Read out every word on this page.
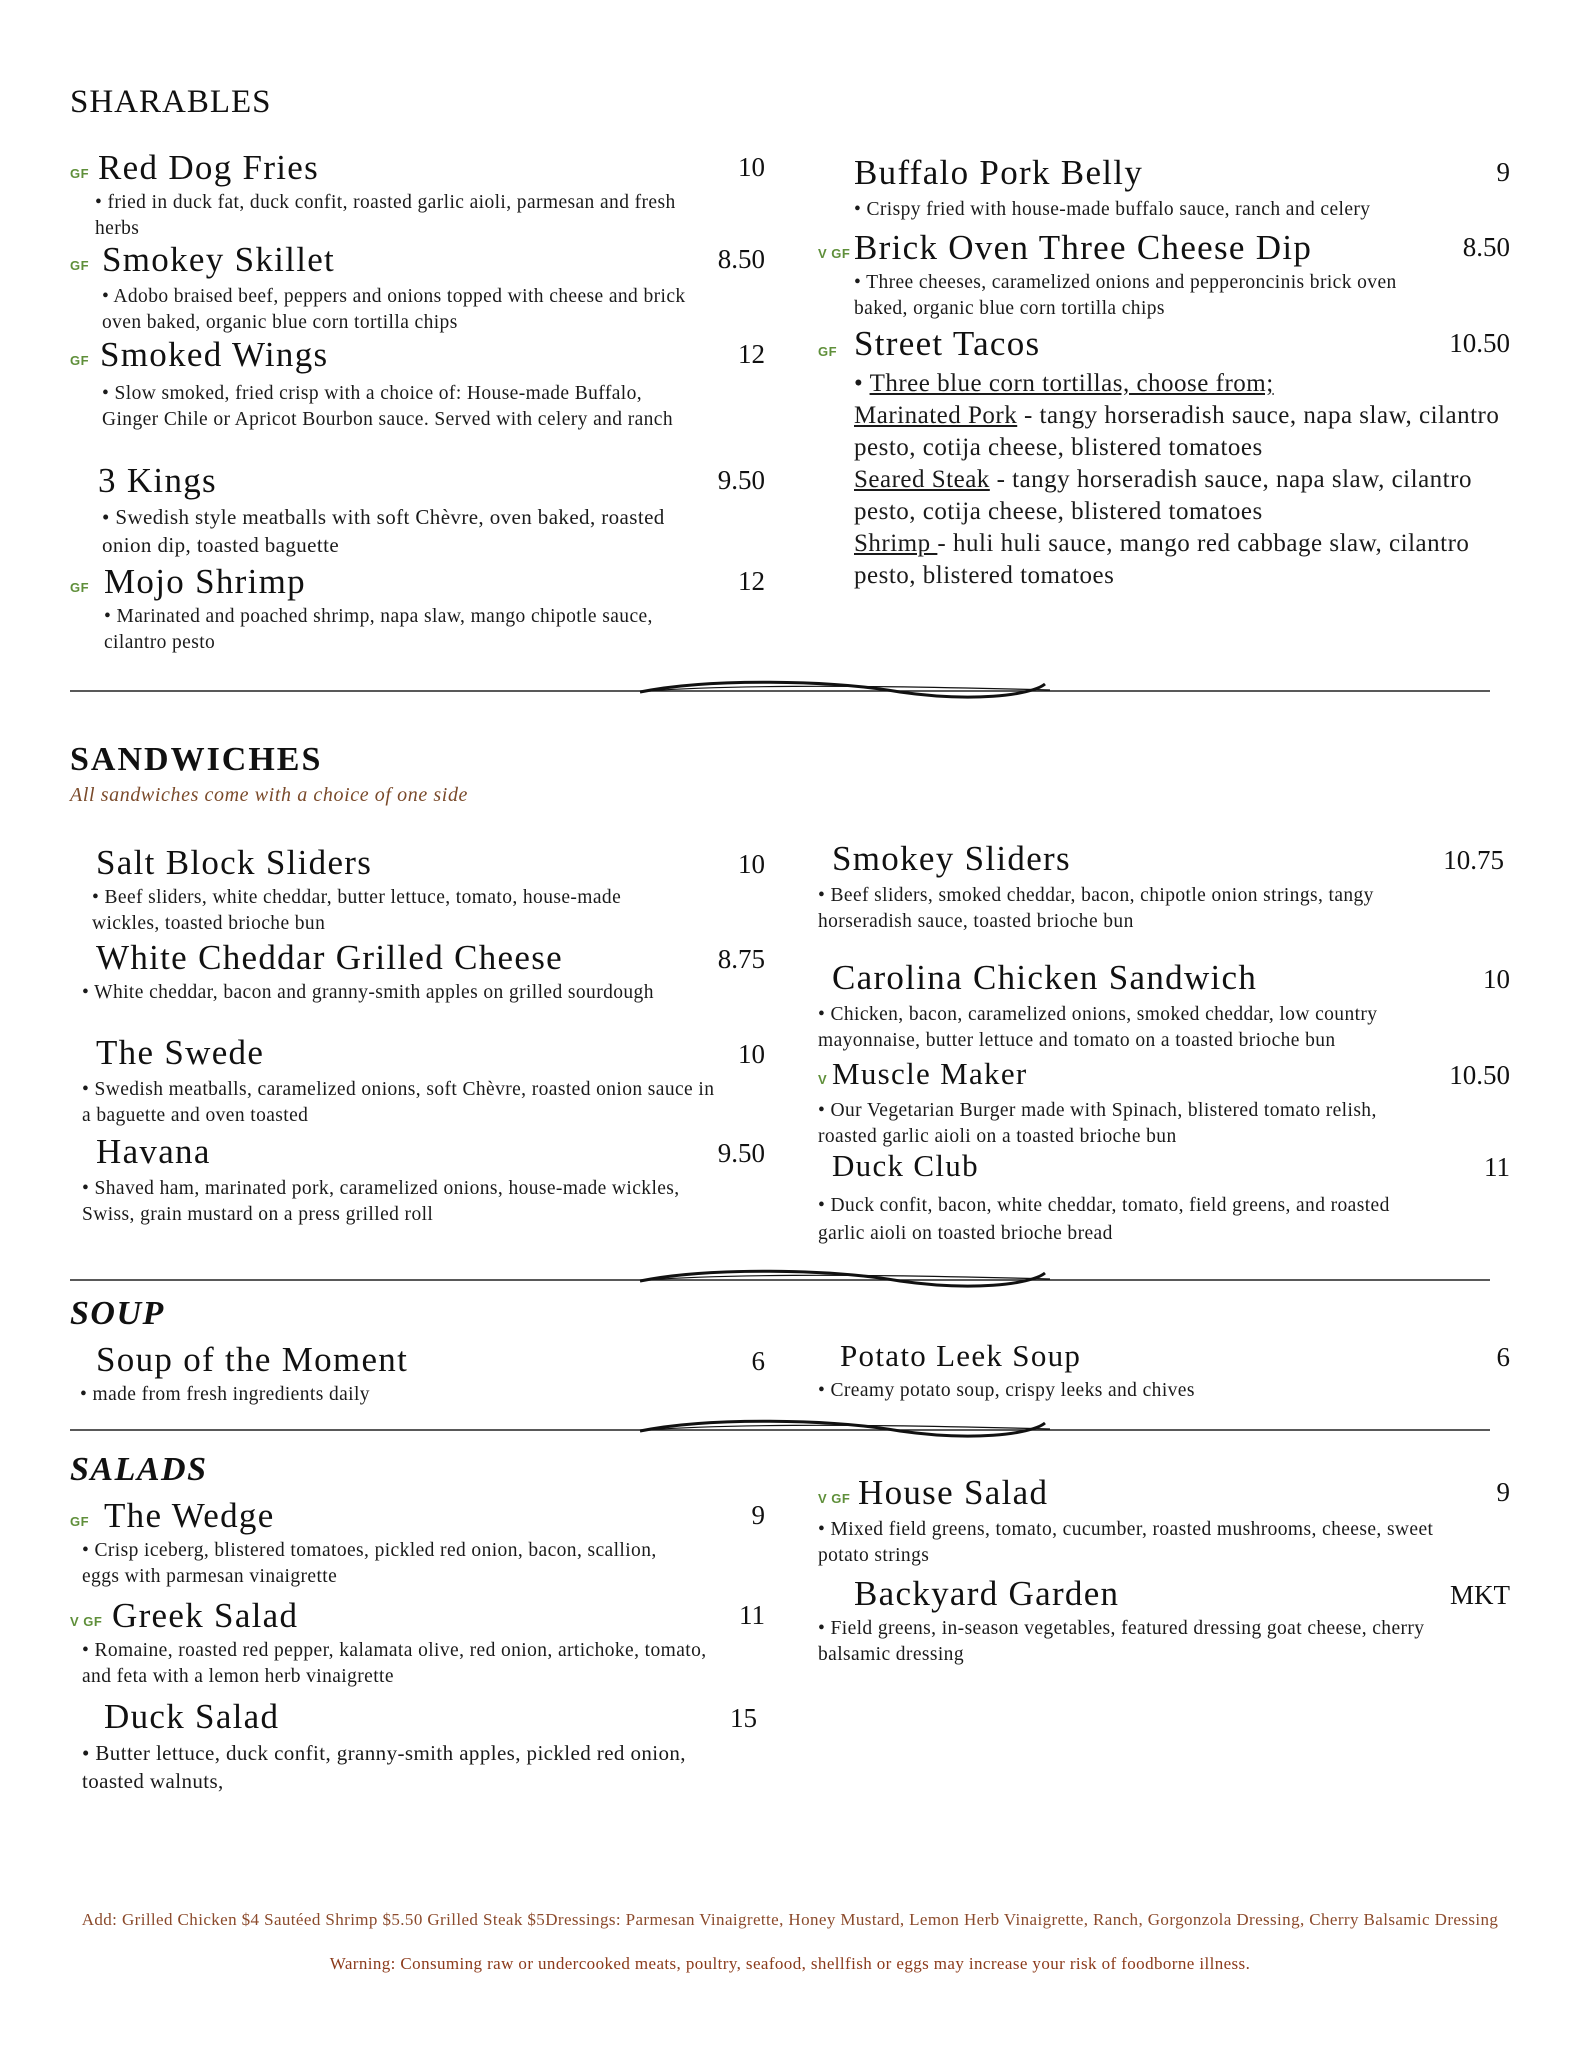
SHARABLES
GF Red Dog Fries	10
• fried in duck fat, duck confit, roasted garlic aioli, parmesan and fresh herbs
GF Smokey Skillet	8.50
• Adobo braised beef, peppers and onions topped with cheese and brick oven baked, organic blue corn tortilla chips
GF Smoked Wings	12
• Slow smoked, fried crisp with a choice of: House-made Buffalo, Ginger Chile or Apricot Bourbon sauce. Served with celery and ranch
3 Kings	9.50
• Swedish style meatballs with soft Chèvre, oven baked, roasted onion dip, toasted baguette
GF Mojo Shrimp	12
• Marinated and poached shrimp, napa slaw, mango chipotle sauce, cilantro pesto
Buffalo Pork Belly	9
• Crispy fried with house-made buffalo sauce, ranch and celery
V GF Brick Oven Three Cheese Dip	8.50
• Three cheeses, caramelized onions and pepperoncinis brick oven baked, organic blue corn tortilla chips
GF Street Tacos	10.50
• Three blue corn tortillas, choose from;
Marinated Pork - tangy horseradish sauce, napa slaw, cilantro pesto, cotija cheese, blistered tomatoes
Seared Steak - tangy horseradish sauce, napa slaw, cilantro pesto, cotija cheese, blistered tomatoes
Shrimp - huli huli sauce, mango red cabbage slaw, cilantro pesto, blistered tomatoes
SANDWICHES
All sandwiches come with a choice of one side
Salt Block Sliders	10
• Beef sliders, white cheddar, butter lettuce, tomato, house-made wickles, toasted brioche bun
White Cheddar Grilled Cheese	8.75
• White cheddar, bacon and granny-smith apples on grilled sourdough
The Swede	10
• Swedish meatballs, caramelized onions, soft Chèvre, roasted onion sauce in a baguette and oven toasted
Havana	9.50
• Shaved ham, marinated pork, caramelized onions, house-made wickles, Swiss, grain mustard on a press grilled roll
Smokey Sliders	10.75
• Beef sliders, smoked cheddar, bacon, chipotle onion strings, tangy horseradish sauce, toasted brioche bun
Carolina Chicken Sandwich	10
• Chicken, bacon, caramelized onions, smoked cheddar, low country mayonnaise, butter lettuce and tomato on a toasted brioche bun
V Muscle Maker	10.50
• Our Vegetarian Burger made with Spinach, blistered tomato relish, roasted garlic aioli on a toasted brioche bun
Duck Club	11
• Duck confit, bacon, white cheddar, tomato, field greens, and roasted garlic aioli on toasted brioche bread
SOUP
Soup of the Moment	6
• made from fresh ingredients daily
Potato Leek Soup	6
• Creamy potato soup, crispy leeks and chives
SALADS
GF The Wedge	9
• Crisp iceberg, blistered tomatoes, pickled red onion, bacon, scallion, eggs with parmesan vinaigrette
V GF Greek Salad	11
• Romaine, roasted red pepper, kalamata olive, red onion, artichoke, tomato, and feta with a lemon herb vinaigrette
Duck Salad	15
• Butter lettuce, duck confit, granny-smith apples, pickled red onion, toasted walnuts,
V GF House Salad	9
• Mixed field greens, tomato, cucumber, roasted mushrooms, cheese, sweet potato strings
Backyard Garden	MKT
• Field greens, in-season vegetables, featured dressing goat cheese, cherry balsamic dressing
Add: Grilled Chicken $4 Sautéed Shrimp $5.50 Grilled Steak $5Dressings: Parmesan Vinaigrette, Honey Mustard, Lemon Herb Vinaigrette, Ranch, Gorgonzola Dressing, Cherry Balsamic Dressing
Warning: Consuming raw or undercooked meats, poultry, seafood, shellfish or eggs may increase your risk of foodborne illness.
